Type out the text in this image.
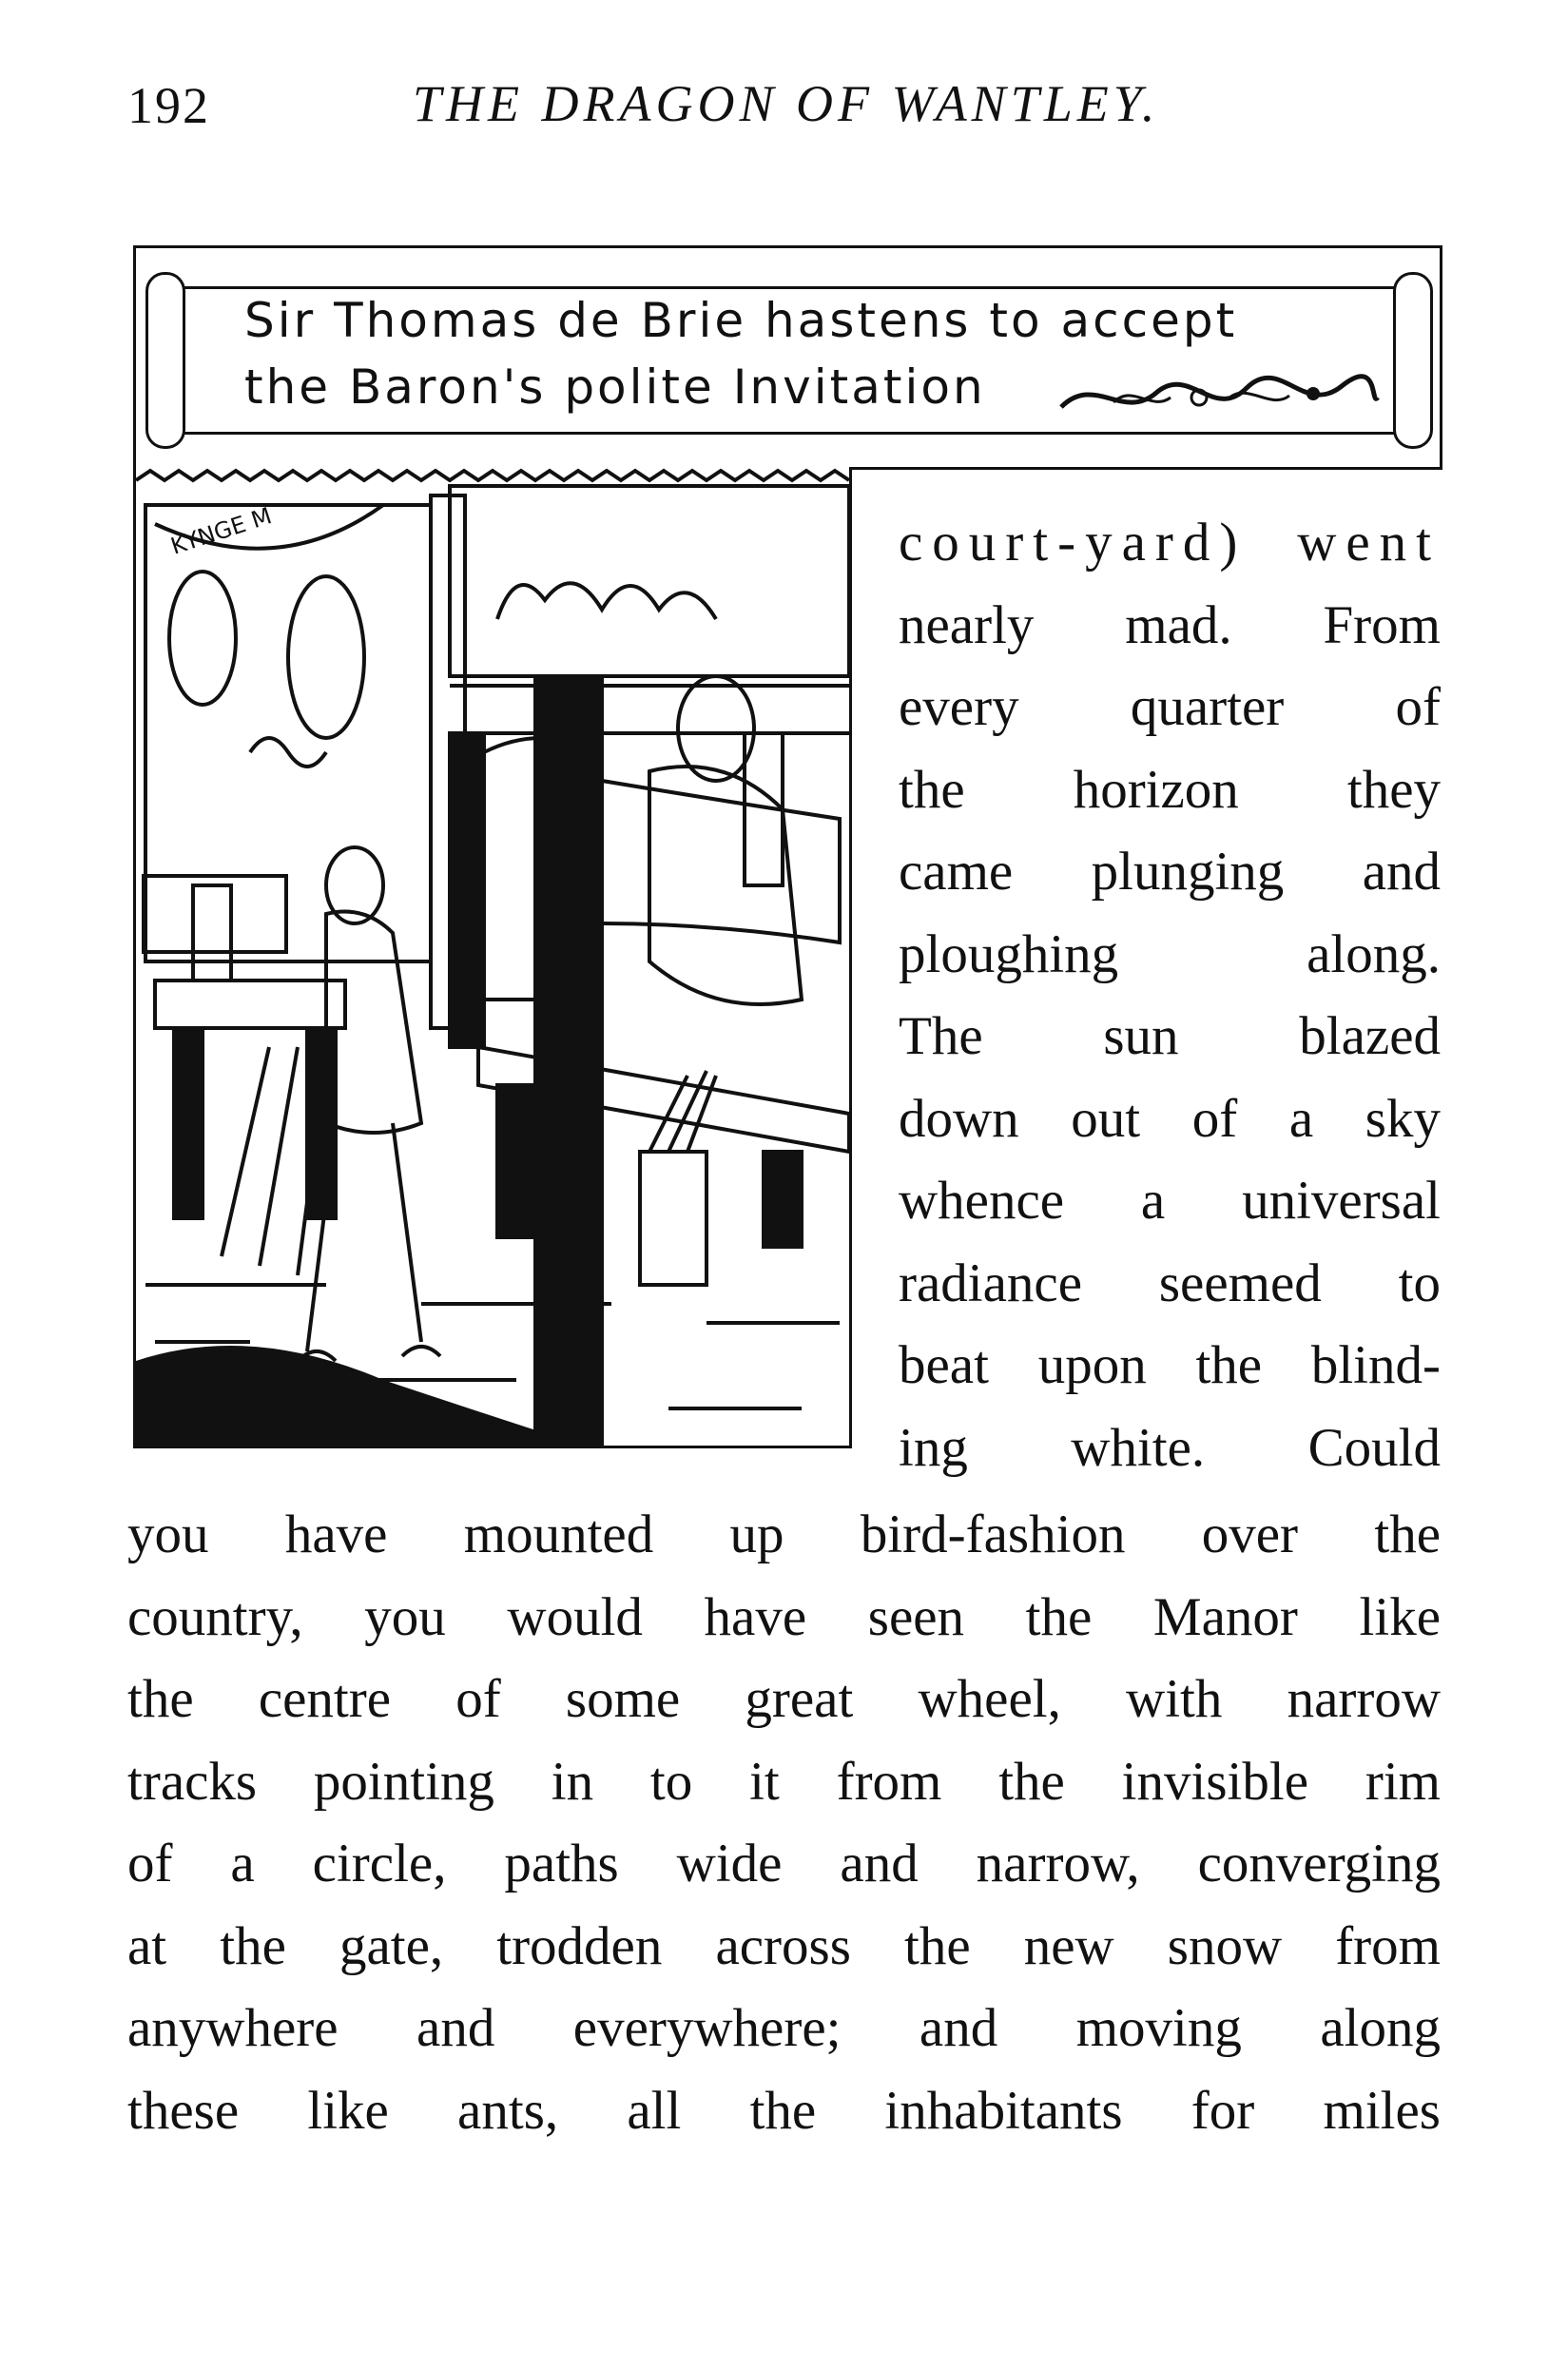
192	THE DRAGON OF WANTLEY.
Sir Thomas de Brie hastens to accept
the Baron's polite Invitation
KYNGE M	court-yard) went
nearly mad. From
every quarter of
the horizon they
came plunging and
ploughing along.
The sun blazed
down out of a sky
whence a universal
radiance seemed to
beat upon the blind-
ing white. Could
you have mounted up bird-fashion over the
country, you would have seen the Manor like
the centre of some great wheel, with narrow
tracks pointing in to it from the invisible rim
of a circle, paths wide and narrow, converging
at the gate, trodden across the new snow from
anywhere and everywhere; and moving along
these like ants, all the inhabitants for miles
